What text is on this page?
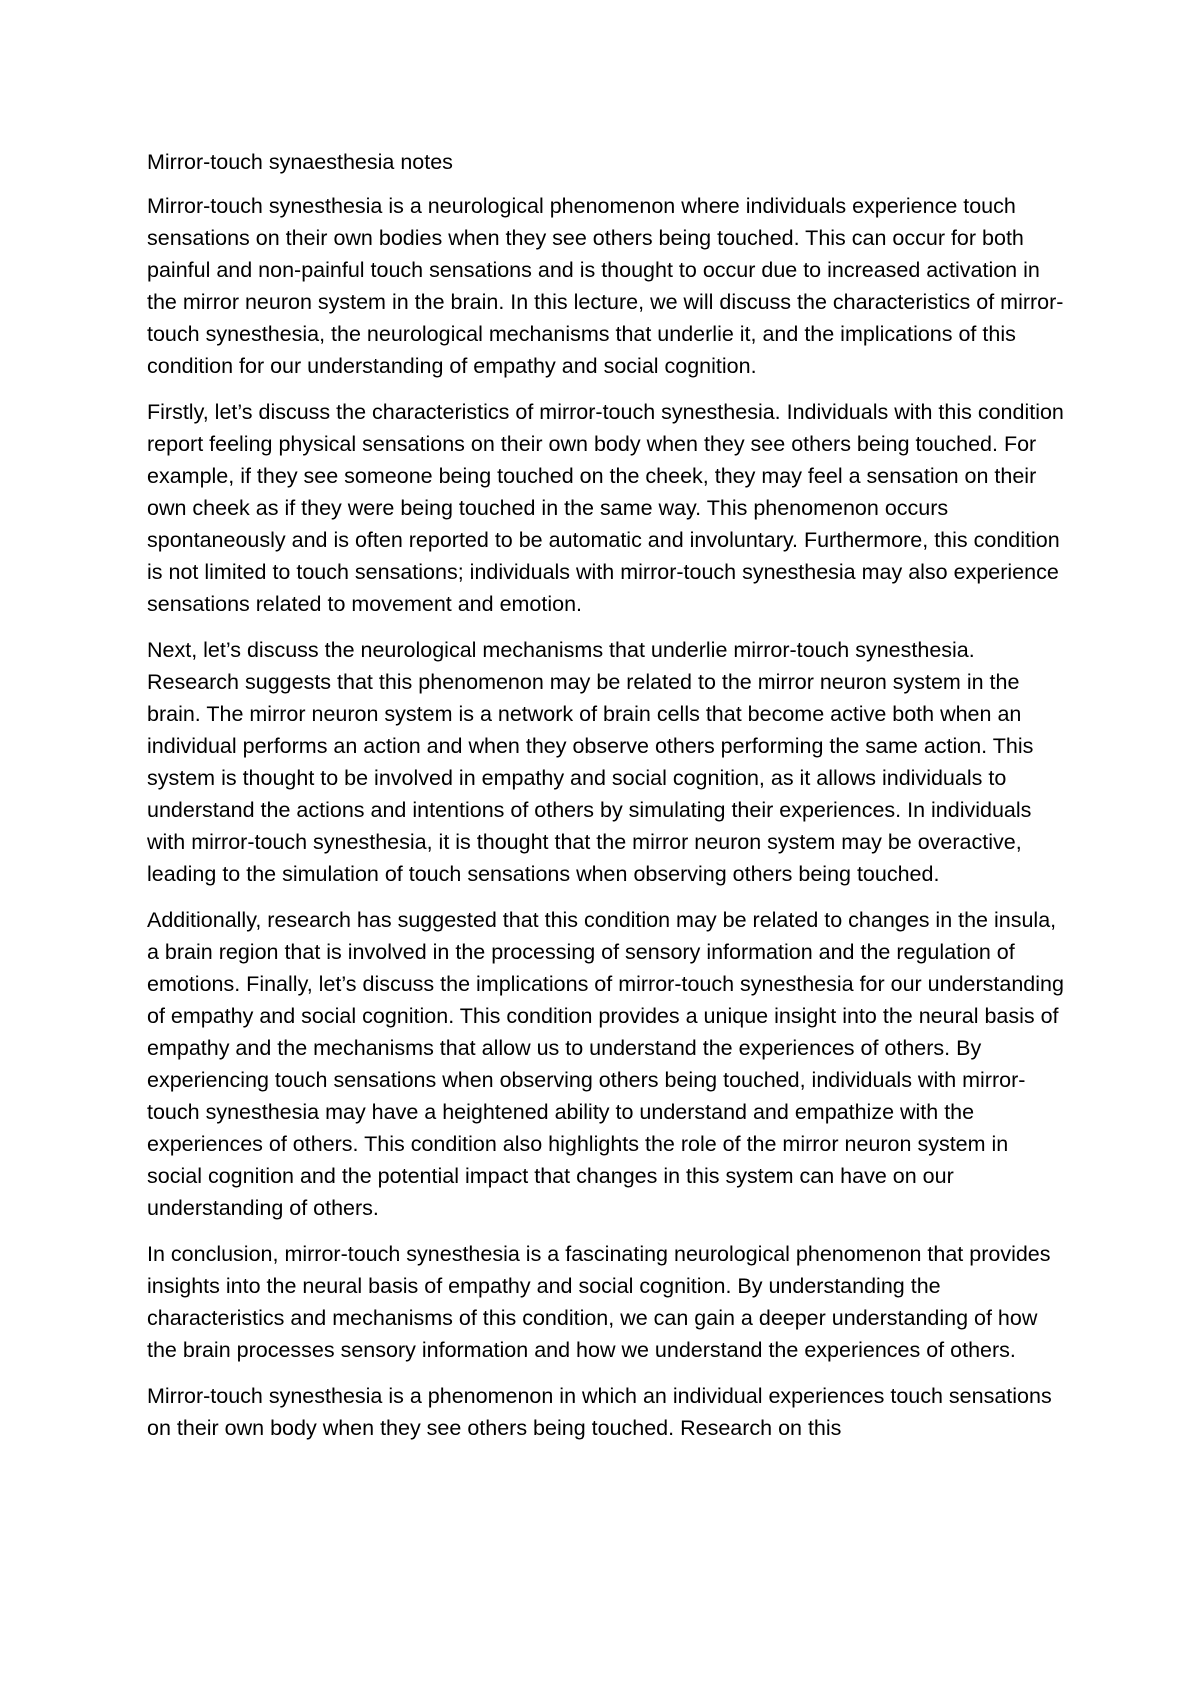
Mirror-touch synaesthesia notes

Mirror-touch synesthesia is a neurological phenomenon where individuals experience touch sensations on their own bodies when they see others being touched. This can occur for both painful and non-painful touch sensations and is thought to occur due to increased activation in the mirror neuron system in the brain. In this lecture, we will discuss the characteristics of mirror-touch synesthesia, the neurological mechanisms that underlie it, and the implications of this condition for our understanding of empathy and social cognition.

Firstly, let’s discuss the characteristics of mirror-touch synesthesia. Individuals with this condition report feeling physical sensations on their own body when they see others being touched. For example, if they see someone being touched on the cheek, they may feel a sensation on their own cheek as if they were being touched in the same way. This phenomenon occurs spontaneously and is often reported to be automatic and involuntary. Furthermore, this condition is not limited to touch sensations; individuals with mirror-touch synesthesia may also experience sensations related to movement and emotion.

Next, let’s discuss the neurological mechanisms that underlie mirror-touch synesthesia. Research suggests that this phenomenon may be related to the mirror neuron system in the brain. The mirror neuron system is a network of brain cells that become active both when an individual performs an action and when they observe others performing the same action. This system is thought to be involved in empathy and social cognition, as it allows individuals to understand the actions and intentions of others by simulating their experiences. In individuals with mirror-touch synesthesia, it is thought that the mirror neuron system may be overactive, leading to the simulation of touch sensations when observing others being touched.

Additionally, research has suggested that this condition may be related to changes in the insula, a brain region that is involved in the processing of sensory information and the regulation of emotions. Finally, let’s discuss the implications of mirror-touch synesthesia for our understanding of empathy and social cognition. This condition provides a unique insight into the neural basis of empathy and the mechanisms that allow us to understand the experiences of others. By experiencing touch sensations when observing others being touched, individuals with mirror-touch synesthesia may have a heightened ability to understand and empathize with the experiences of others. This condition also highlights the role of the mirror neuron system in social cognition and the potential impact that changes in this system can have on our understanding of others.

In conclusion, mirror-touch synesthesia is a fascinating neurological phenomenon that provides insights into the neural basis of empathy and social cognition. By understanding the characteristics and mechanisms of this condition, we can gain a deeper understanding of how the brain processes sensory information and how we understand the experiences of others.

Mirror-touch synesthesia is a phenomenon in which an individual experiences touch sensations on their own body when they see others being touched. Research on this
